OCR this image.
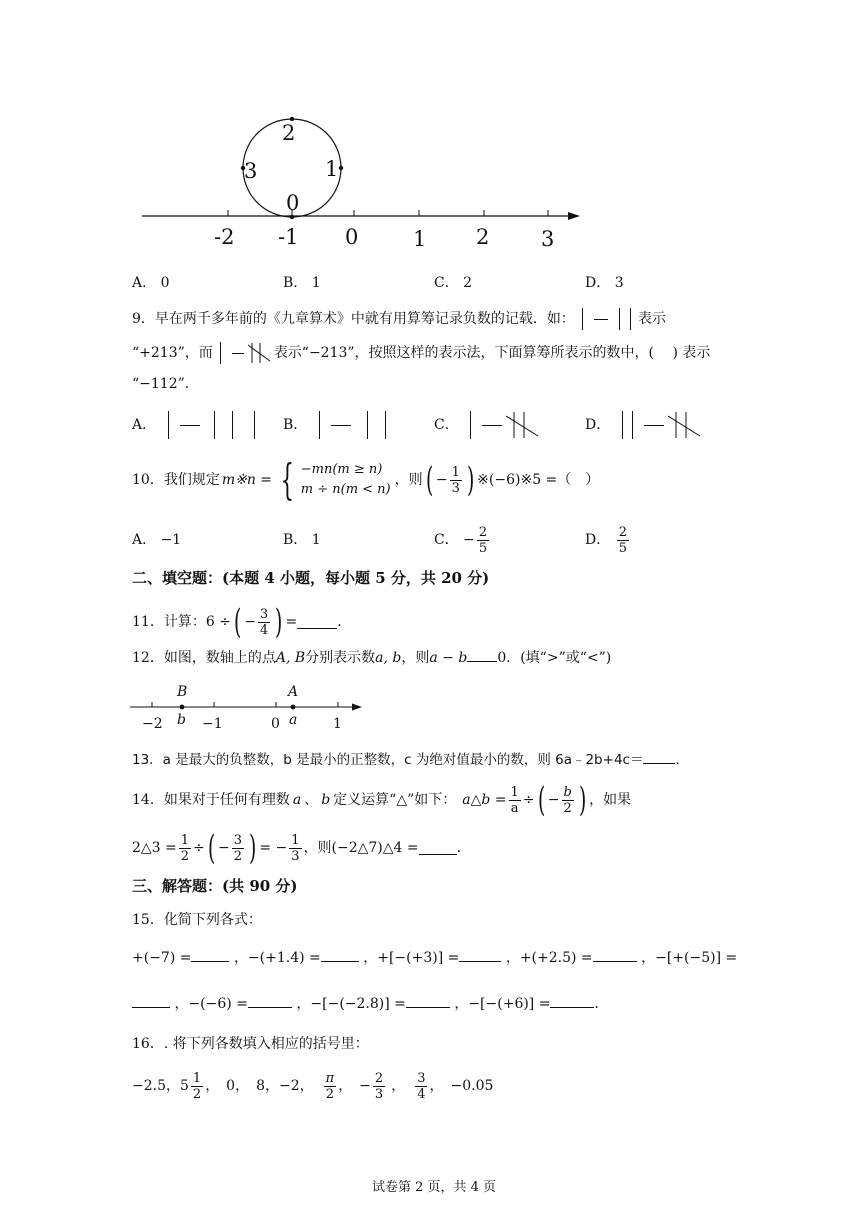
2
1
3
0
-2 -1 0	1 2 3
A． 0	B． 1	C． 2	D． 3
9．早在两千多年前的《九章算术》中就有用算筹记录负数的记载．如：	表示
“+213”，而	表示“−213”，按照这样的表示法，下面算筹所表示的数中，(　 ) 表示
“−112”．
A．	B．	C．	D．
10．我们规定 m※n = { −mn(m ≥ n)
m ÷ n(m < n)
，则 ( − $\frac{1}{3}$ ) ※(−6)※5 =（　）
A． −1	B． 1	C．
− $\frac{2}{5}$	D．
$\frac{2}{5}$
二、填空题：(本题 4 小题，每小题 5 分，共 20 分)
11．计算： 6 ÷ ( − $\frac{3}{4}$ ) =	．
12．如图，数轴上的点A, B分别表示数a, b，则a − b 0．(填“>”或“<”)
B	A
b	a
−2	−1	0	1
13．a 是最大的负整数，b 是最小的正整数，c 为绝对值最小的数，则 6a﹣2b+4c＝ ．
14．如果对于任何有理数 a 、 b 定义运算“△”如下： a△b = $\frac{1}{a}$ ÷ ( − $\frac{b}{2}$ ) ，如果
2△3 = $\frac{1}{2}$ ÷ ( − $\frac{3}{2}$ ) = − $\frac{1}{3}$ ，则 (−2△7)△4 =	．
三、解答题：(共 90 分)
15．化简下列各式：
+(−7) =	，−(+1.4) =	，+[−(+3)] =	，+(+2.5) =	，−[+(−5)] =
，−(−6) =	，−[−(−2.8)] =	，−[−(+6)] =	．
16．. 将下列各数填入相应的括号里：
−2.5，$5 \frac{1}{2}$ ，　0，　8，−2， $\frac{\pi}{2}$ ，　− $\frac{2}{3}$ ， $\frac{3}{4}$ ，　−0.05̇
试卷第 2 页，共 4 页
